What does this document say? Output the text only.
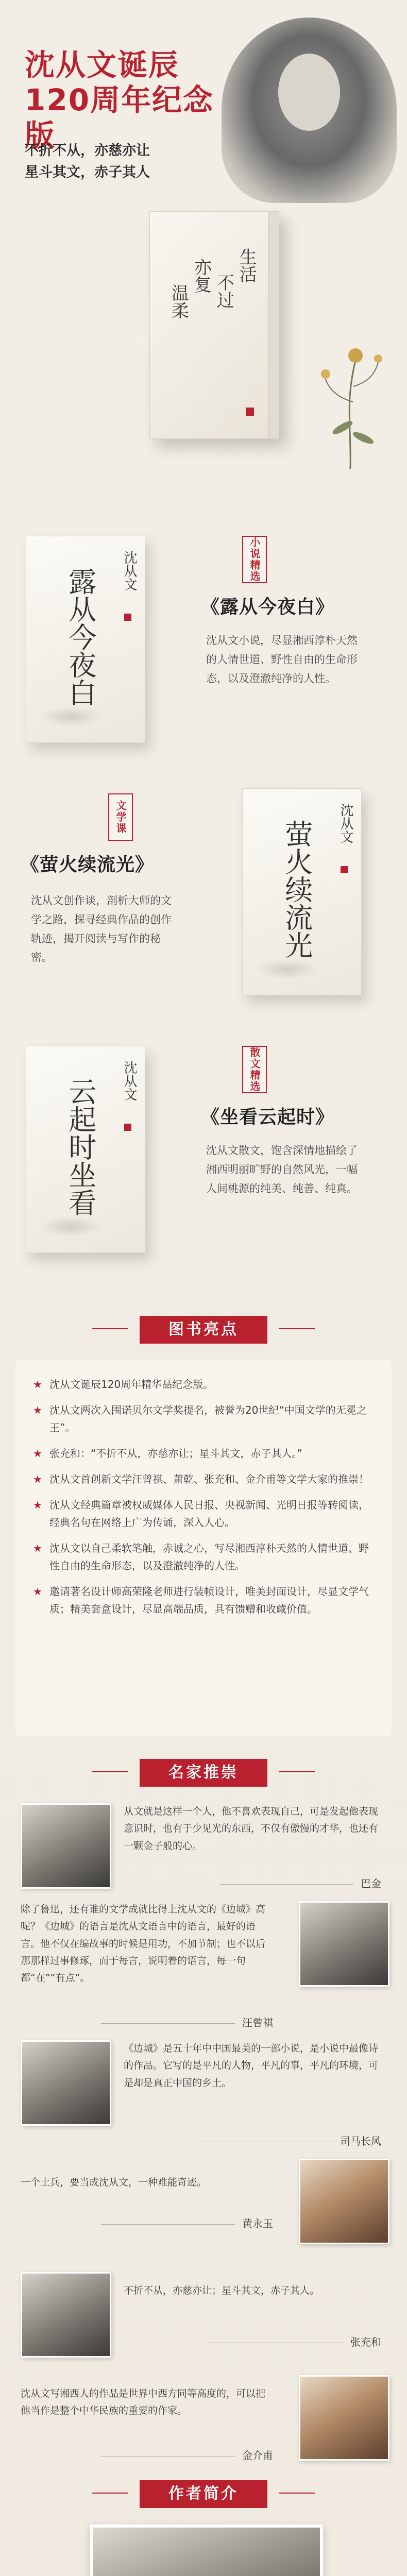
沈从文诞辰
120周年纪念版
不折不从，亦慈亦让
星斗其文，赤子其人
生活
不过
亦复
温柔
沈从文
露从今夜白
小说精选
《露从今夜白》
沈从文小说，尽显湘西淳朴天然的人情世道、野性自由的生命形态，以及澄澈纯净的人性。
文学课
《萤火续流光》
沈从文创作谈，剖析大师的文学之路，探寻经典作品的创作轨迹，揭开阅读与写作的秘密。
沈从文
萤火续流光
沈从文
云起时坐看
散文精选
《坐看云起时》
沈从文散文，饱含深情地描绘了湘西明丽旷野的自然风光，一幅人间桃源的纯美、纯善、纯真。
图书亮点
★ 沈从文诞辰120周年精华品纪念版。
★ 沈从文两次入围诺贝尔文学奖提名，被誉为20世纪“中国文学的无冕之王”。
★ 张充和：“不折不从，亦慈亦让；星斗其文，赤子其人。”
★ 沈从文首创新文学汪曾祺、萧乾、张充和、金介甫等文学大家的推崇！
★ 沈从文经典篇章被权威媒体人民日报、央视新闻、光明日报等转阅读，经典名句在网络上广为传诵，深入人心。
★ 沈从文以自己柔软笔触，赤诚之心，写尽湘西淳朴天然的人情世道、野性自由的生命形态，以及澄澈纯净的人性。
★ 邀请著名设计师高荣隆老师进行装帧设计，唯美封面设计，尽显文学气质；精美套盒设计，尽显高端品质，具有馈赠和收藏价值。
名家推崇
从文就是这样一个人，他不喜欢表现自己，可是发起他表现意识时，也有于少见光的东西，不仅有傲慢的才华，也还有一颗金子般的心。
巴金
除了鲁迅，还有谁的文学成就比得上沈从文的《边城》高呢？《边城》的语言是沈从文语言中的语言，最好的语言。他不仅在编故事的时候是用功，不加节制；也不以后那那样过事修琢，而于每言，说明着的语言，每一句都“在”“有点”。
汪曾祺
《边城》是五十年中中国最美的一部小说，是小说中最像诗的作品。它写的是平凡的人物，平凡的事，平凡的环境，可是却是真正中国的乡土。
司马长风
一个土兵，要当成沈从文，一种难能奇迹。
黄永玉
不折不从，亦慈亦让；星斗其文，赤子其人。
张充和
沈从文写湘西人的作品是世界中西方同等高度的，可以把他当作是整个中华民族的重要的作家。
金介甫
作者简介
